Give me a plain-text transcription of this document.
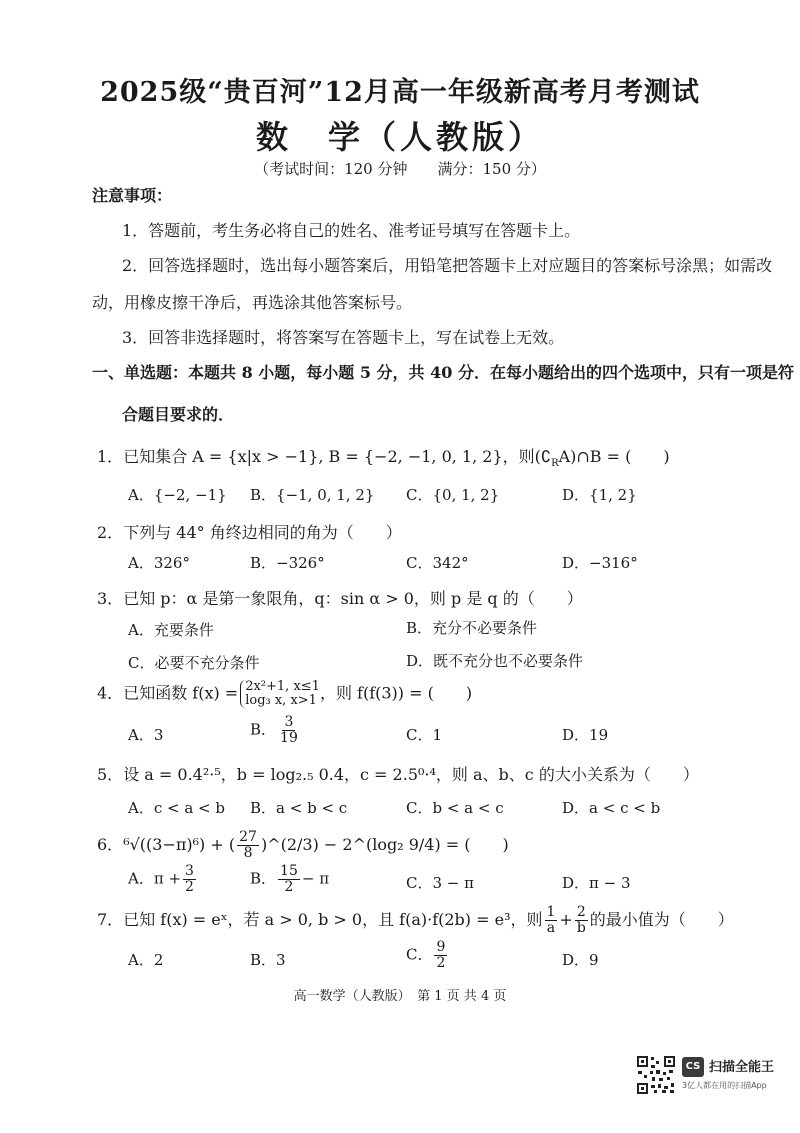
2025级“贵百河”12月高一年级新高考月考测试
数　学（人教版）
（考试时间：120 分钟　　满分：150 分）
注意事项：
1．答题前，考生务必将自己的姓名、准考证号填写在答题卡上。
2．回答选择题时，选出每小题答案后，用铅笔把答题卡上对应题目的答案标号涂黑；如需改
动，用橡皮擦干净后，再选涂其他答案标号。
3．回答非选择题时，将答案写在答题卡上，写在试卷上无效。
一、单选题：本题共 8 小题，每小题 5 分，共 40 分．在每小题给出的四个选项中，只有一项是符
合题目要求的．
1．已知集合 A = {x|x > −1}, B = {−2, −1, 0, 1, 2}，则$(∁_RA)\cap B$ = (　　)
A．{−2, −1} B．{−1, 0, 1, 2} C．{0, 1, 2}	D．{1, 2}
2．下列与 44° 角终边相同的角为（　　）
A．326°	B．−326°	C．342°	D．−316°
3．已知 p：α 是第一象限角，q：sin α > 0，则 p 是 q 的（　　）
A．充要条件	B．充分不必要条件
C．必要不充分条件	D．既不充分也不必要条件
4．已知函数 f(x) = 2x²+1, x≤1
log₃ x, x>1 ，则 f(f(3)) = (　　)
A．3	B． $\frac{3}{19}$	C．1	D．19
5．设 a = 0.4²·⁵，b = log₂.₅ 0.4，c = 2.5⁰·⁴，则 a、b、c 的大小关系为（　　）
A．c < a < b B．a < b < c	C．b < a < c	D．a < c < b
6．⁶√((3−π)⁶) + ( $\frac{27}{8}$ )^(2/3) − 2^(log₂ 9/4) = (　　)
A．$\pi + \frac{3}{2}$	B． $\frac{15}{2} - \pi$	C．3 − π	D．π − 3
7．已知 f(x) = eˣ，若 a > 0, b > 0，且 f(a)·f(2b) = e³，则 $\frac{1}{a} + \frac{2}{b}$ 的最小值为（　　）
A．2	B．3	C． $\frac{9}{2}$	D．9
高一数学（人教版）　第 1 页 共 4 页
CS 扫描全能王
3亿人都在用的扫描App
